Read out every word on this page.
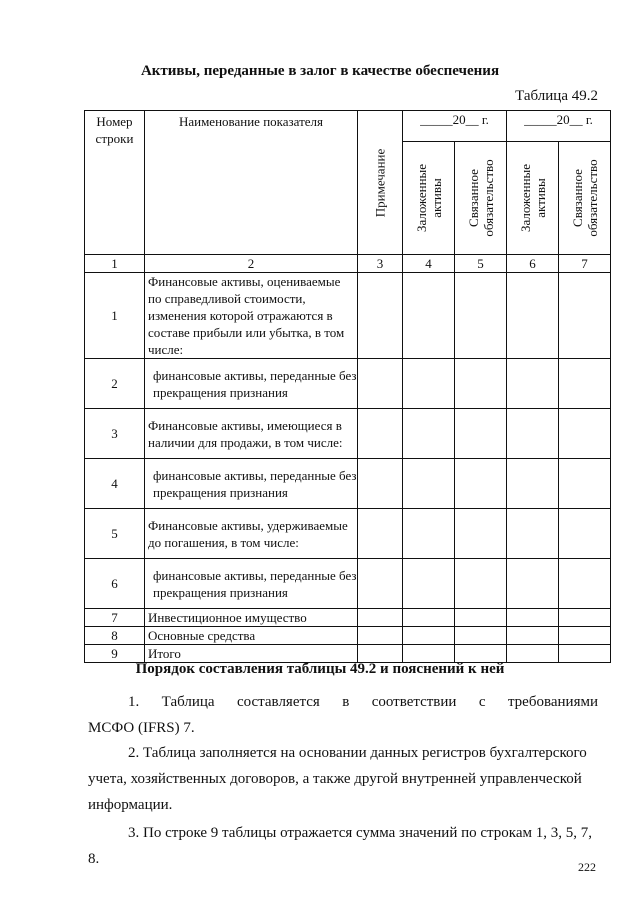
Активы, переданные в залог в качестве обеспечения
Таблица 49.2
Номер строки	Наименование показателя	Примечание	_____20__ г.		_____20__ г.	

			Заложенные активы	Связанное обязательство	Заложенные активы	Связанное обязательство

1	2	3	4	5	6	7
1	Финансовые активы, оцениваемые по справедливой стоимости, изменения которой отражаются в составе прибыли или убытка, в том числе:					
2	финансовые активы, переданные без прекращения признания					
3	Финансовые активы, имеющиеся в наличии для продажи, в том числе:					
4	финансовые активы, переданные без прекращения признания					
5	Финансовые активы, удерживаемые до погашения, в том числе:					
6	финансовые активы, переданные без прекращения признания					
7	Инвестиционное имущество					
8	Основные средства					
9	Итого					
Порядок составления таблицы 49.2 и пояснений к ней
1. Таблица составляется в соответствии с требованиями
МСФО (IFRS) 7.
2. Таблица заполняется на основании данных регистров бухгалтерского учета, хозяйственных договоров, а также другой внутренней управленческой информации.
3. По строке 9 таблицы отражается сумма значений по строкам 1, 3, 5, 7, 8.	222
